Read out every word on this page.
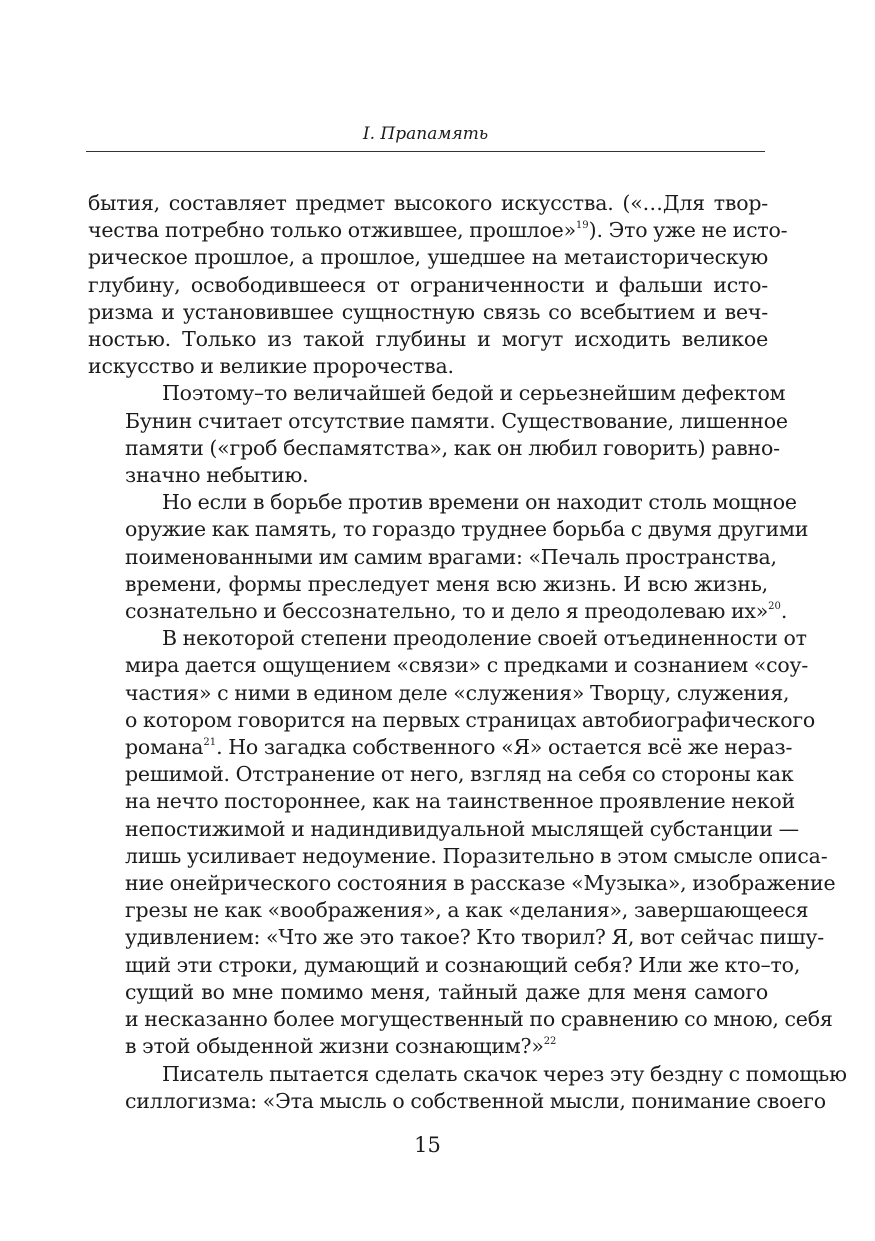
I. Прапамять

бытия, составляет предмет высокого искусства. («…Для твор-
чества потребно только отжившее, прошлое»$^{19}$). Это уже не исто-
рическое прошлое, а прошлое, ушедшее на метаисторическую
глубину, освободившееся от ограниченности и фальши исто-
ризма и установившее сущностную связь со всебытием и веч-
ностью. Только из такой глубины и могут исходить великое
искусство и великие пророчества.

Поэтому–то величайшей бедой и серьезнейшим дефектом
Бунин считает отсутствие памяти. Существование, лишенное
памяти («гроб беспамятства», как он любил говорить) равно-
значно небытию.

Но если в борьбе против времени он находит столь мощное
оружие как память, то гораздо труднее борьба с двумя другими
поименованными им самим врагами: «Печаль пространства,
времени, формы преследует меня всю жизнь. И всю жизнь,
сознательно и бессознательно, то и дело я преодолеваю их»$^{20}$.

В некоторой степени преодоление своей отъединенности от
мира дается ощущением «связи» с предками и сознанием «соу-
частия» с ними в едином деле «служения» Творцу, служения,
о котором говорится на первых страницах автобиографического
романа$^{21}$. Но загадка собственного «Я» остается всё же нераз-
решимой. Отстранение от него, взгляд на себя со стороны как
на нечто постороннее, как на таинственное проявление некой
непостижимой и надиндивидуальной мыслящей субстанции —
лишь усиливает недоумение. Поразительно в этом смысле описа-
ние онейрического состояния в рассказе «Музыка», изображение
грезы не как «воображения», а как «делания», завершающееся
удивлением: «Что же это такое? Кто творил? Я, вот сейчас пишу-
щий эти строки, думающий и сознающий себя? Или же кто–то,
сущий во мне помимо меня, тайный даже для меня самого
и несказанно более могущественный по сравнению со мною, себя
в этой обыденной жизни сознающим?»$^{22}$

Писатель пытается сделать скачок через эту бездну с помощью
силлогизма: «Эта мысль о собственной мысли, понимание своего

15
